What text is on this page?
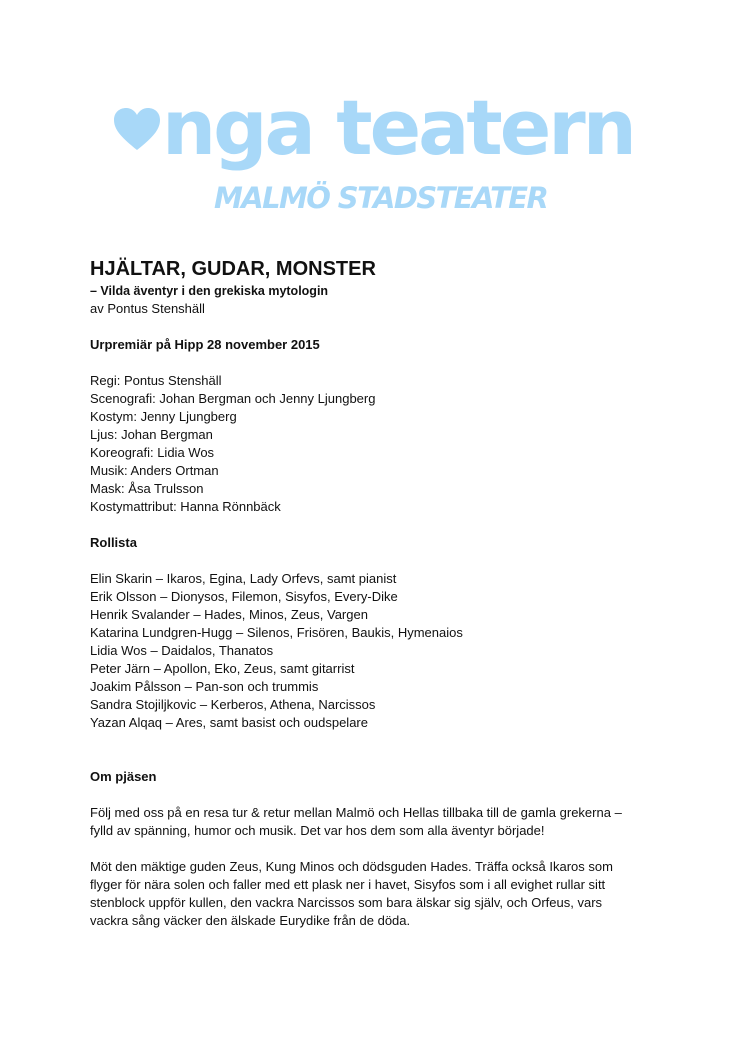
nga teatern
MALMÖ STADSTEATER
HJÄLTAR, GUDAR, MONSTER
– Vilda äventyr i den grekiska mytologin
av Pontus Stenshäll
Urpremiär på Hipp 28 november 2015
Regi: Pontus Stenshäll
Scenografi: Johan Bergman och Jenny Ljungberg
Kostym: Jenny Ljungberg
Ljus: Johan Bergman
Koreografi: Lidia Wos
Musik: Anders Ortman
Mask: Åsa Trulsson
Kostymattribut: Hanna Rönnbäck
Rollista
Elin Skarin – Ikaros, Egina, Lady Orfevs, samt pianist
Erik Olsson – Dionysos, Filemon, Sisyfos, Every-Dike
Henrik Svalander – Hades, Minos, Zeus, Vargen
Katarina Lundgren-Hugg – Silenos, Frisören, Baukis, Hymenaios
Lidia Wos – Daidalos, Thanatos
Peter Järn – Apollon, Eko, Zeus, samt gitarrist
Joakim Pålsson – Pan-son och trummis
Sandra Stojiljkovic – Kerberos, Athena, Narcissos
Yazan Alqaq – Ares, samt basist och oudspelare
Om pjäsen
Följ med oss på en resa tur & retur mellan Malmö och Hellas tillbaka till de gamla grekerna –
fylld av spänning, humor och musik. Det var hos dem som alla äventyr började!
Möt den mäktige guden Zeus, Kung Minos och dödsguden Hades. Träffa också Ikaros som
flyger för nära solen och faller med ett plask ner i havet, Sisyfos som i all evighet rullar sitt
stenblock uppför kullen, den vackra Narcissos som bara älskar sig själv, och Orfeus, vars
vackra sång väcker den älskade Eurydike från de döda.
